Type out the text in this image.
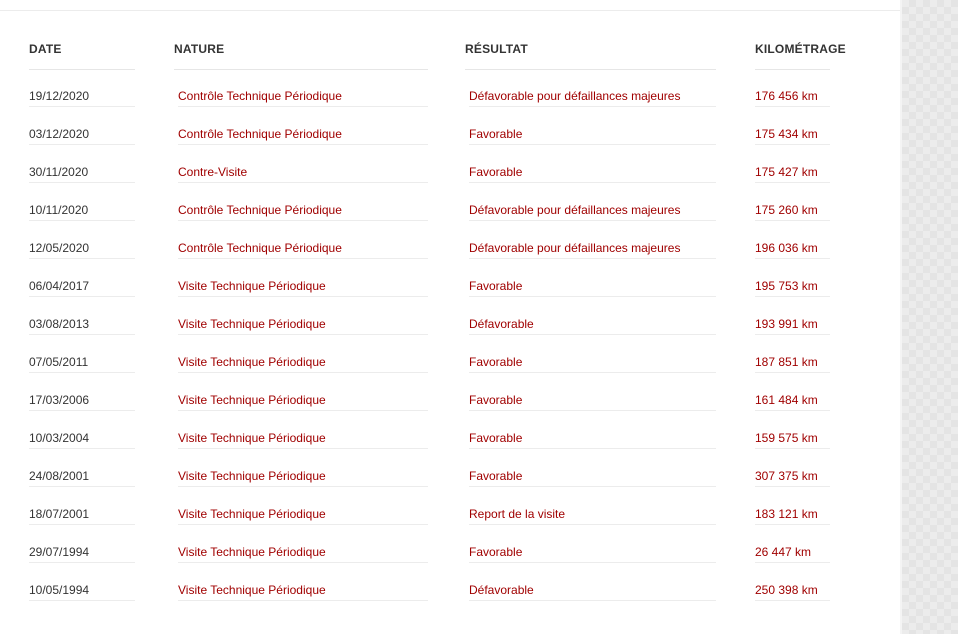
DATE	NATURE	RÉSULTAT	KILOMÉTRAGE
19/12/2020	Contrôle Technique Périodique	Défavorable pour défaillances majeures	176 456 km
03/12/2020	Contrôle Technique Périodique	Favorable	175 434 km
30/11/2020	Contre-Visite	Favorable	175 427 km
10/11/2020	Contrôle Technique Périodique	Défavorable pour défaillances majeures	175 260 km
12/05/2020	Contrôle Technique Périodique	Défavorable pour défaillances majeures	196 036 km
06/04/2017	Visite Technique Périodique	Favorable	195 753 km
03/08/2013	Visite Technique Périodique	Défavorable	193 991 km
07/05/2011	Visite Technique Périodique	Favorable	187 851 km
17/03/2006	Visite Technique Périodique	Favorable	161 484 km
10/03/2004	Visite Technique Périodique	Favorable	159 575 km
24/08/2001	Visite Technique Périodique	Favorable	307 375 km
18/07/2001	Visite Technique Périodique	Report de la visite	183 121 km
29/07/1994	Visite Technique Périodique	Favorable	26 447 km
10/05/1994	Visite Technique Périodique	Défavorable	250 398 km
